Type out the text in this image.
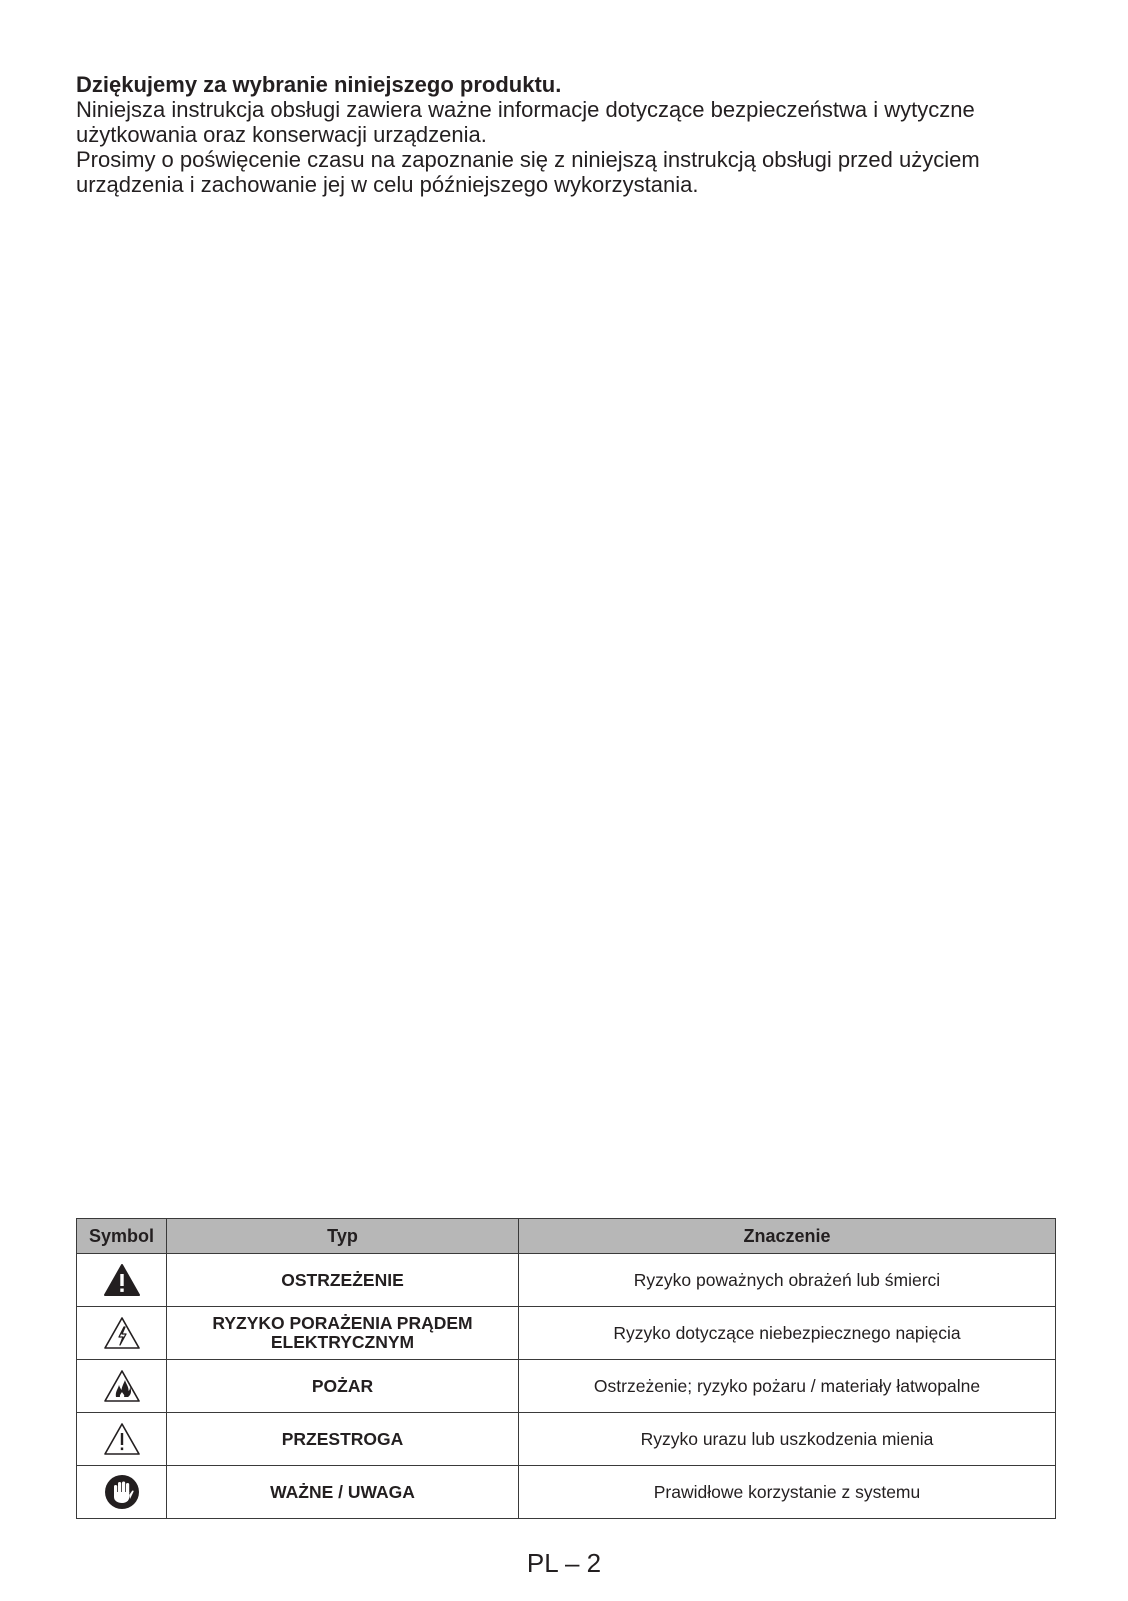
Dziękujemy za wybranie niniejszego produktu.

Niniejsza instrukcja obsługi zawiera ważne informacje dotyczące bezpieczeństwa i wytyczne użytkowania oraz konserwacji urządzenia.

Prosimy o poświęcenie czasu na zapoznanie się z niniejszą instrukcją obsługi przed użyciem urządzenia i zachowanie jej w celu późniejszego wykorzystania.

Symbol	Typ	Znaczenie

	OSTRZEŻENIE	Ryzyko poważnych obrażeń lub śmierci

	RYZYKO PORAŻENIA PRĄDEM ELEKTRYCZNYM	Ryzyko dotyczące niebezpiecznego napięcia

	POŻAR	Ostrzeżenie; ryzyko pożaru / materiały łatwopalne

	PRZESTROGA	Ryzyko urazu lub uszkodzenia mienia

	WAŻNE / UWAGA	Prawidłowe korzystanie z systemu
PL – 2
